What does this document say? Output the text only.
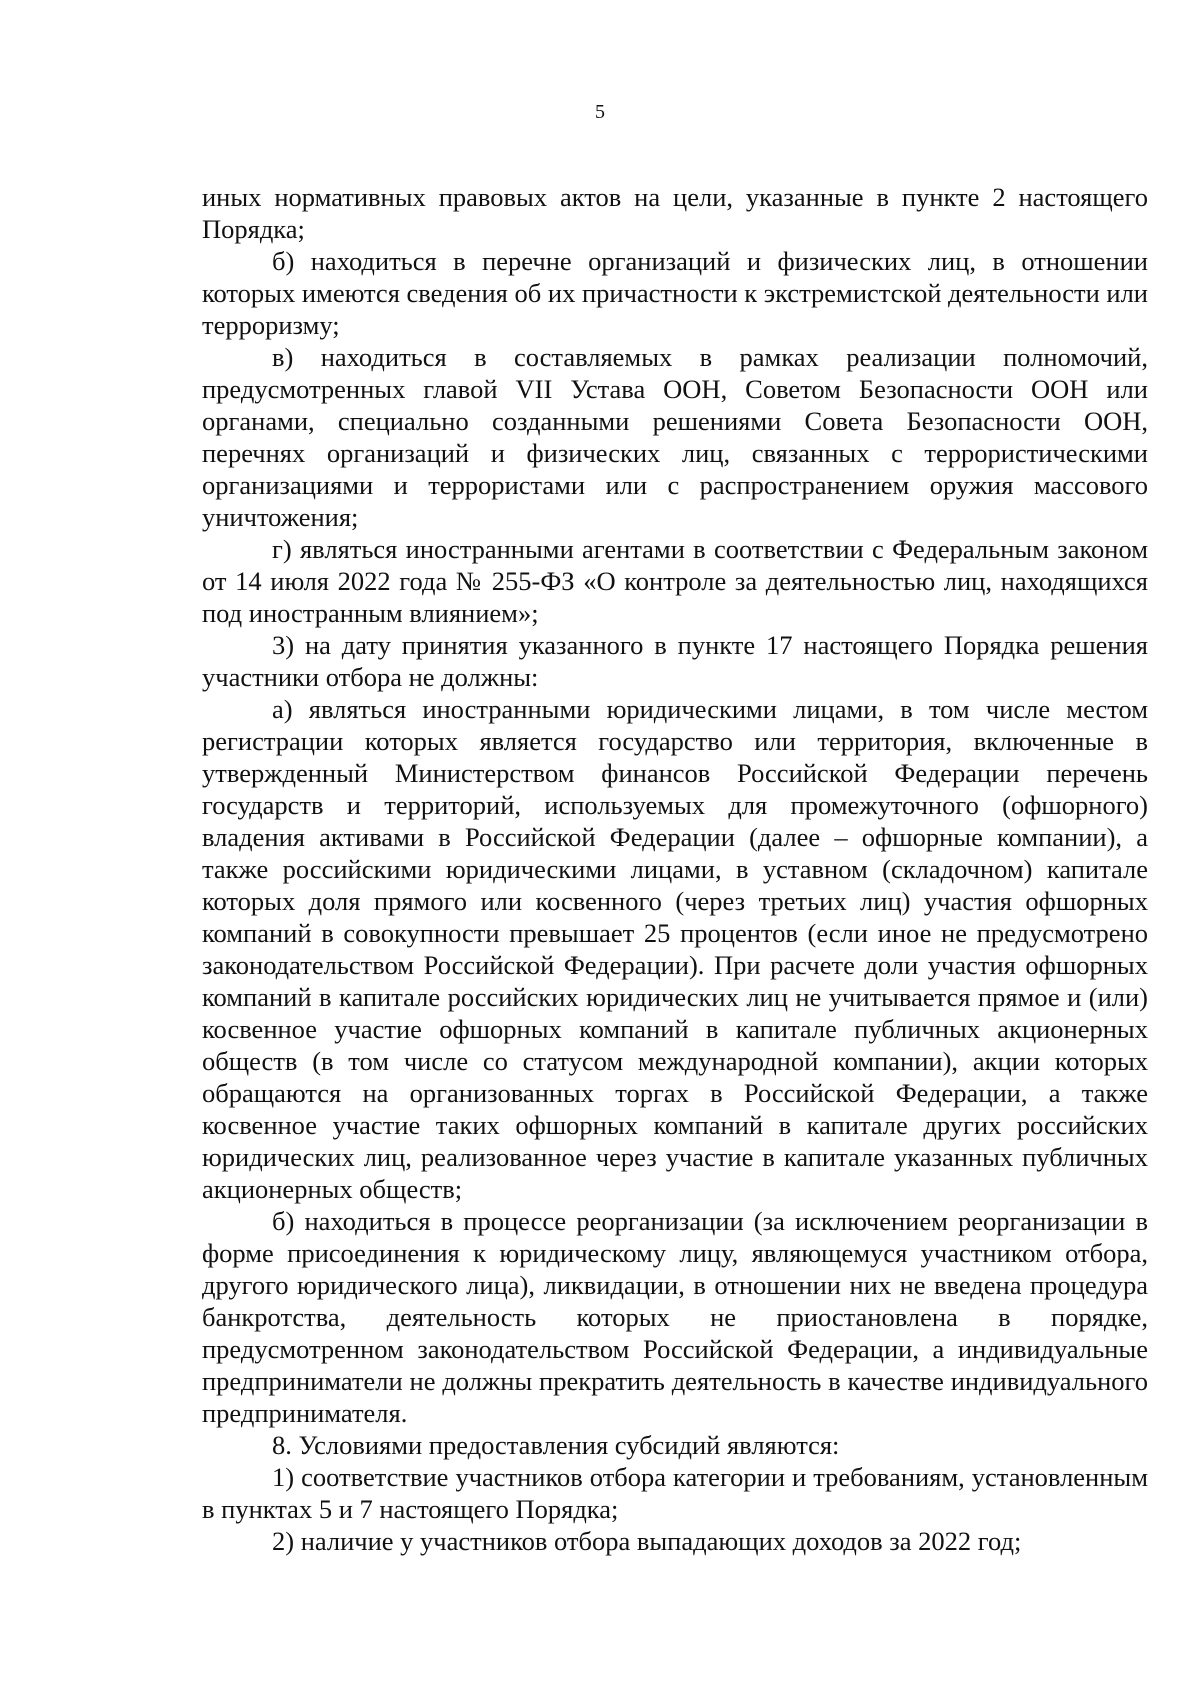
5

иных нормативных правовых актов на цели, указанные в пункте 2 настоящего Порядка;

б) находиться в перечне организаций и физических лиц, в отношении которых имеются сведения об их причастности к экстремистской деятельности или терроризму;

в) находиться в составляемых в рамках реализации полномочий, предусмотренных главой VII Устава ООН, Советом Безопасности ООН или органами, специально созданными решениями Совета Безопасности ООН, перечнях организаций и физических лиц, связанных с террористическими организациями и террористами или с распространением оружия массового уничтожения;

г) являться иностранными агентами в соответствии с Федеральным законом от 14 июля 2022 года № 255-ФЗ «О контроле за деятельностью лиц, находящихся под иностранным влиянием»;

3) на дату принятия указанного в пункте 17 настоящего Порядка решения участники отбора не должны:

а) являться иностранными юридическими лицами, в том числе местом регистрации которых является государство или территория, включенные в утвержденный Министерством финансов Российской Федерации перечень государств и территорий, используемых для промежуточного (офшорного) владения активами в Российской Федерации (далее – офшорные компании), а также российскими юридическими лицами, в уставном (складочном) капитале которых доля прямого или косвенного (через третьих лиц) участия офшорных компаний в совокупности превышает 25 процентов (если иное не предусмотрено законодательством Российской Федерации). При расчете доли участия офшорных компаний в капитале российских юридических лиц не учитывается прямое и (или) косвенное участие офшорных компаний в капитале публичных акционерных обществ (в том числе со статусом международной компании), акции которых обращаются на организованных торгах в Российской Федерации, а также косвенное участие таких офшорных компаний в капитале других российских юридических лиц, реализованное через участие в капитале указанных публичных акционерных обществ;

б) находиться в процессе реорганизации (за исключением реорганизации в форме присоединения к юридическому лицу, являющемуся участником отбора, другого юридического лица), ликвидации, в отношении них не введена процедура банкротства, деятельность которых не приостановлена в порядке, предусмотренном законодательством Российской Федерации, а индивидуальные предприниматели не должны прекратить деятельность в качестве индивидуального предпринимателя.

8. Условиями предоставления субсидий являются:

1) соответствие участников отбора категории и требованиям, установленным в пунктах 5 и 7 настоящего Порядка;

2) наличие у участников отбора выпадающих доходов за 2022 год;
